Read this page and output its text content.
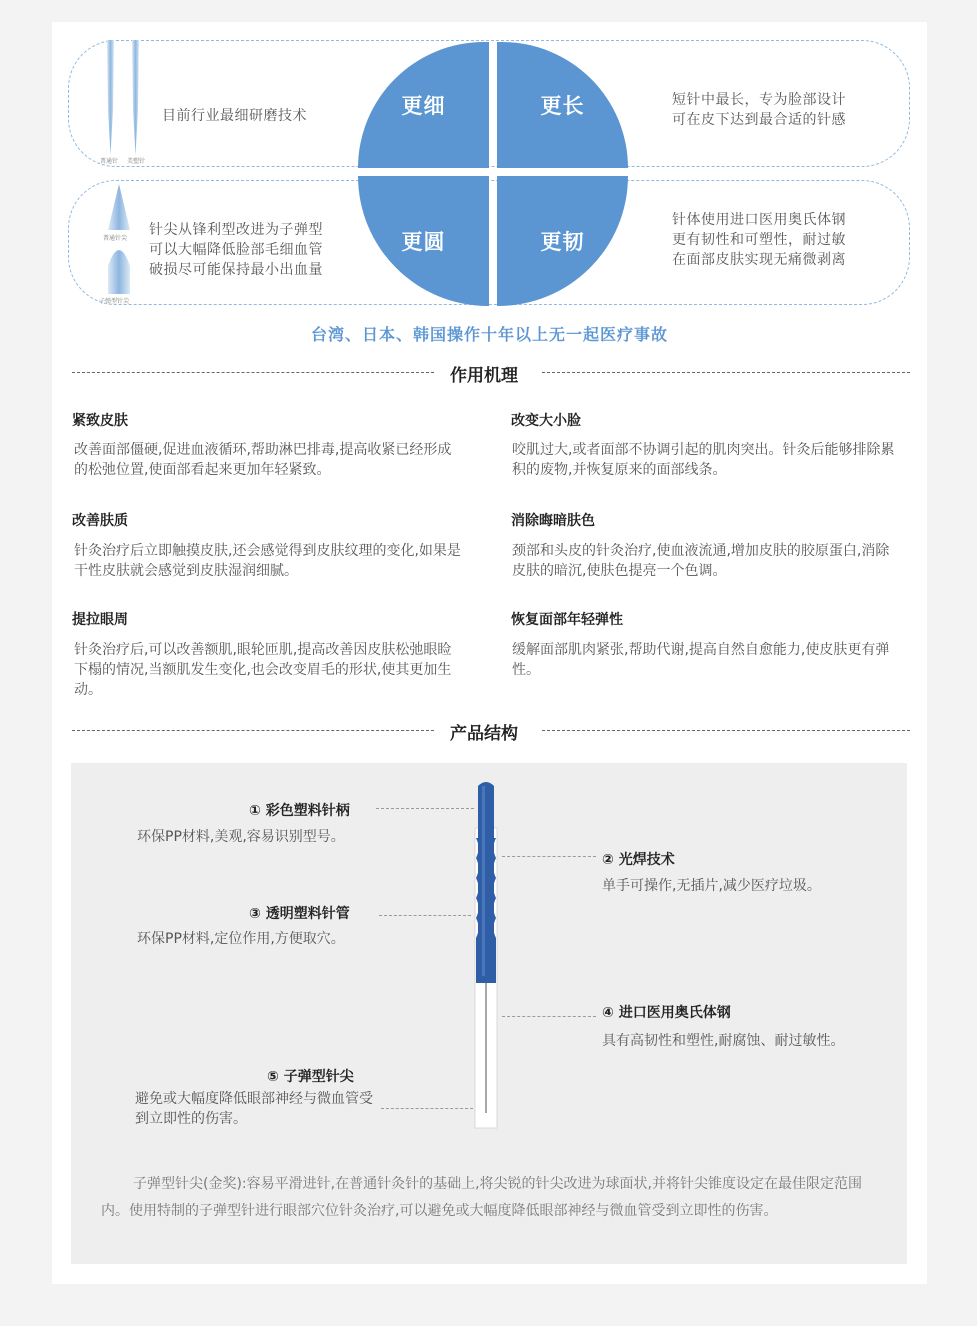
更细	更长
更圆	更韧
普通针 美塑针
普通针尖
子弹型针尖
目前行业最细研磨技术
短针中最长，专为脸部设计
可在皮下达到最合适的针感
针尖从锋利型改进为子弹型
可以大幅降低脸部毛细血管
破损尽可能保持最小出血量
针体使用进口医用奥氏体钢
更有韧性和可塑性，耐过敏
在面部皮肤实现无痛微剥离
台湾、日本、韩国操作十年以上无一起医疗事故
作用机理
紧致皮肤
改善面部僵硬,促进血液循环,帮助淋巴排毒,提高收紧已经形成的松弛位置,使面部看起来更加年轻紧致。
改变大小脸
咬肌过大,或者面部不协调引起的肌肉突出。针灸后能够排除累积的废物,并恢复原来的面部线条。
改善肤质
针灸治疗后立即触摸皮肤,还会感觉得到皮肤纹理的变化,如果是干性皮肤就会感觉到皮肤湿润细腻。
消除晦暗肤色
颈部和头皮的针灸治疗,使血液流通,增加皮肤的胶原蛋白,消除皮肤的暗沉,使肤色提亮一个色调。
提拉眼周
针灸治疗后,可以改善额肌,眼轮匝肌,提高改善因皮肤松弛眼睑下榻的情况,当额肌发生变化,也会改变眉毛的形状,使其更加生动。
恢复面部年轻弹性
缓解面部肌肉紧张,帮助代谢,提高自然自愈能力,使皮肤更有弹性。
产品结构
① 彩色塑料针柄
环保PP材料,美观,容易识别型号。
② 光焊技术
单手可操作,无插片,减少医疗垃圾。
③ 透明塑料针管
环保PP材料,定位作用,方便取穴。
④ 进口医用奥氏体钢
具有高韧性和塑性,耐腐蚀、耐过敏性。
⑤ 子弹型针尖
避免或大幅度降低眼部神经与微血管受到立即性的伤害。
子弹型针尖(金奖):容易平滑进针,在普通针灸针的基础上,将尖锐的针尖改进为球面状,并将针尖锥度设定在最佳限定范围内。使用特制的子弹型针进行眼部穴位针灸治疗,可以避免或大幅度降低眼部神经与微血管受到立即性的伤害。
